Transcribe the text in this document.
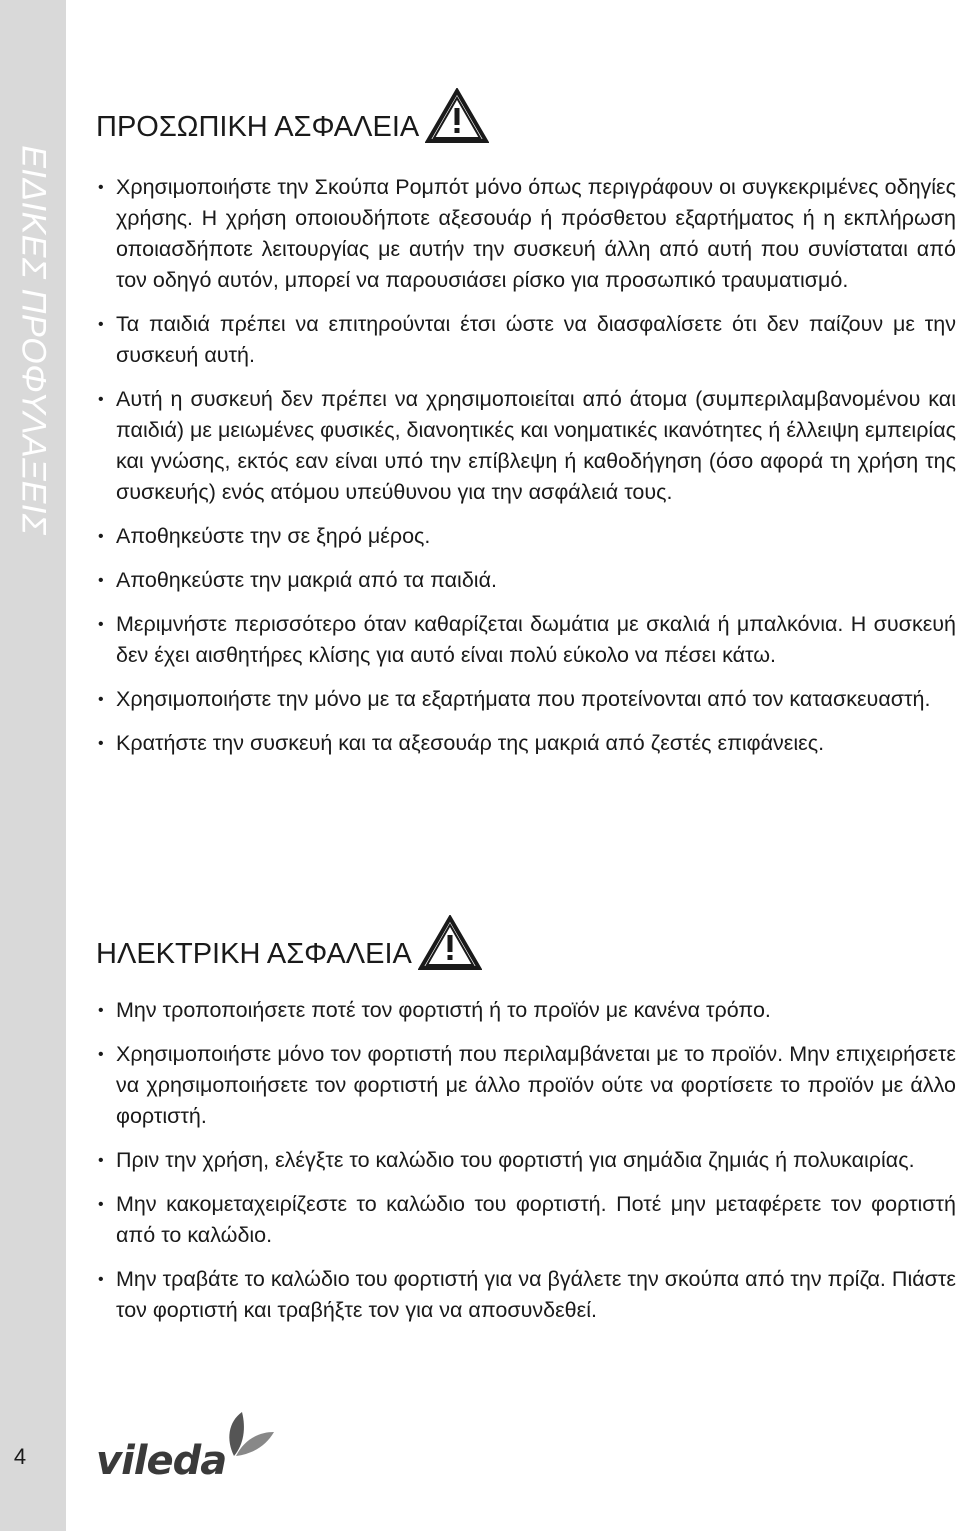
ΕΙΔΙΚΕΣ ΠΡΟΦΥΛΑΞΕΙΣ
4
ΠΡΟΣΩΠΙΚΗ ΑΣΦΑΛΕΙΑ
• Χρησιμοποιήστε την Σκούπα Ρομπότ μόνο όπως περιγράφουν οι συγκεκριμένες οδηγίες χρήσης. Η χρήση οποιουδήποτε αξεσουάρ ή πρόσθετου εξαρτήματος ή η εκπλήρωση οποιασδήποτε λειτουργίας με αυτήν την συσκευή άλλη από αυτή που συνίσταται από τον οδηγό αυτόν, μπορεί να παρουσιάσει ρίσκο για προσωπικό τραυματισμό.
• Τα παιδιά πρέπει να επιτηρούνται έτσι ώστε να διασφαλίσετε ότι δεν παίζουν με την συσκευή αυτή.
• Αυτή η συσκευή δεν πρέπει να χρησιμοποιείται από άτομα (συμπεριλαμβανομένου και παιδιά) με μειωμένες φυσικές, διανοητικές και νοηματικές ικανότητες ή έλλειψη εμπειρίας και γνώσης, εκτός εαν είναι υπό την επίβλεψη ή καθοδήγηση (όσο αφορά τη χρήση της συσκευής) ενός ατόμου υπεύθυνου για την ασφάλειά τους.
• Αποθηκεύστε την σε ξηρό μέρος.
• Αποθηκεύστε την μακριά από τα παιδιά.
• Μεριμνήστε περισσότερο όταν καθαρίζεται δωμάτια με σκαλιά ή μπαλκόνια. Η συσκευή δεν έχει αισθητήρες κλίσης για αυτό είναι πολύ εύκολο να πέσει κάτω.
• Χρησιμοποιήστε την μόνο με τα εξαρτήματα που προτείνονται από τον κατασκευαστή.
• Κρατήστε την συσκευή και τα αξεσουάρ της μακριά από ζεστές επιφάνειες.
ΗΛΕΚΤΡΙΚΗ ΑΣΦΑΛΕΙΑ
• Μην τροποποιήσετε ποτέ τον φορτιστή ή το προϊόν με κανένα τρόπο.
• Χρησιμοποιήστε μόνο τον φορτιστή που περιλαμβάνεται με το προϊόν. Μην επιχειρήσετε να χρησιμοποιήσετε τον φορτιστή με άλλο προϊόν ούτε να φορτίσετε το προϊόν με άλλο φορτιστή.
• Πριν την χρήση, ελέγξτε το καλώδιο του φορτιστή για σημάδια ζημιάς ή πολυκαιρίας.
• Μην κακομεταχειρίζεστε το καλώδιο του φορτιστή. Ποτέ μην μεταφέρετε τον φορτιστή από το καλώδιο.
• Μην τραβάτε το καλώδιο του φορτιστή για να βγάλετε την σκούπα από την πρίζα. Πιάστε τον φορτιστή και τραβήξτε τον για να αποσυνδεθεί.
vileda
